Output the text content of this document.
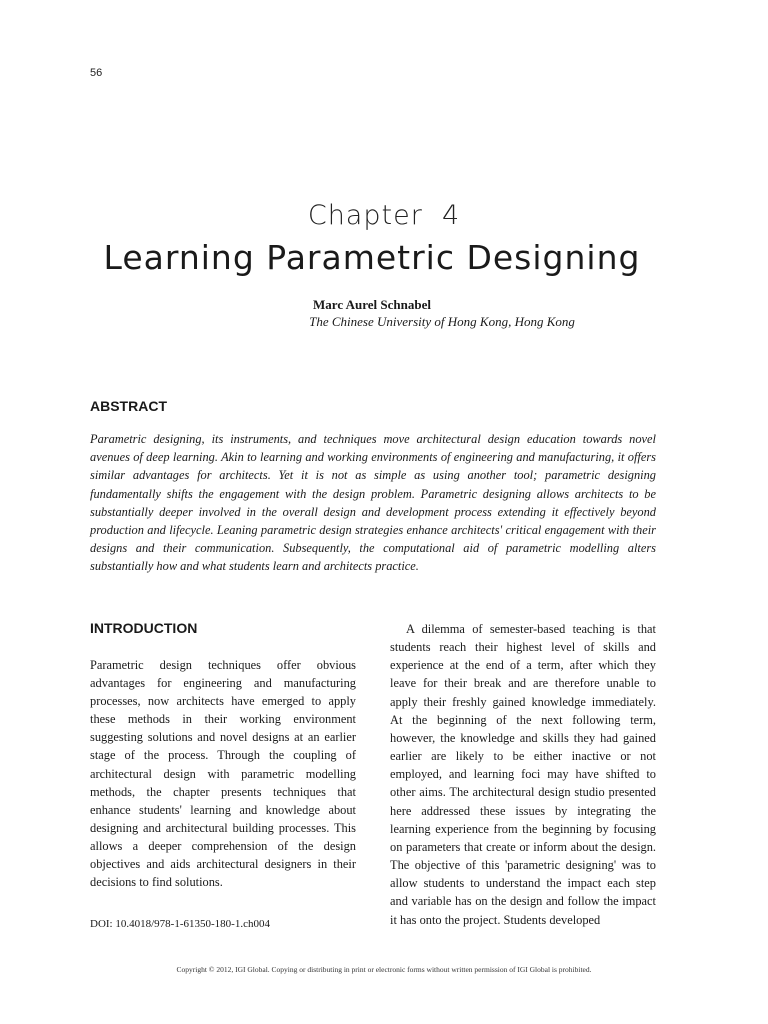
56
Chapter  4
Learning Parametric Designing
Marc Aurel Schnabel
The Chinese University of Hong Kong, Hong Kong
ABSTRACT

Parametric designing, its instruments, and techniques move architectural design education towards novel avenues of deep learning. Akin to learning and working environments of engineering and manufacturing, it offers similar advantages for architects. Yet it is not as simple as using another tool; parametric designing fundamentally shifts the engagement with the design problem. Parametric designing allows architects to be substantially deeper involved in the overall design and development process extending it effectively beyond production and lifecycle. Leaning parametric design strategies enhance architects' critical engagement with their designs and their communication. Subsequently, the computational aid of parametric modelling alters substantially how and what students learn and architects practice.

INTRODUCTION

Parametric design techniques offer obvious advantages for engineering and manufacturing processes, now architects have emerged to apply these methods in their working environment suggesting solutions and novel designs at an earlier stage of the process. Through the coupling of architectural design with parametric modelling methods, the chapter presents techniques that enhance students' learning and knowledge about designing and architectural building processes. This allows a deeper comprehension of the design objectives and aids architectural designers in their decisions to find solutions.

A dilemma of semester-based teaching is that students reach their highest level of skills and experience at the end of a term, after which they leave for their break and are therefore unable to apply their freshly gained knowledge immediately. At the beginning of the next following term, however, the knowledge and skills they had gained earlier are likely to be either inactive or not employed, and learning foci may have shifted to other aims. The architectural design studio presented here addressed these issues by integrating the learning experience from the beginning by focusing on parameters that create or inform about the design. The objective of this 'parametric designing' was to allow students to understand the impact each step and variable has on the design and follow the impact it has onto the project. Students developed

DOI: 10.4018/978-1-61350-180-1.ch004
Copyright © 2012, IGI Global. Copying or distributing in print or electronic forms without written permission of IGI Global is prohibited.
